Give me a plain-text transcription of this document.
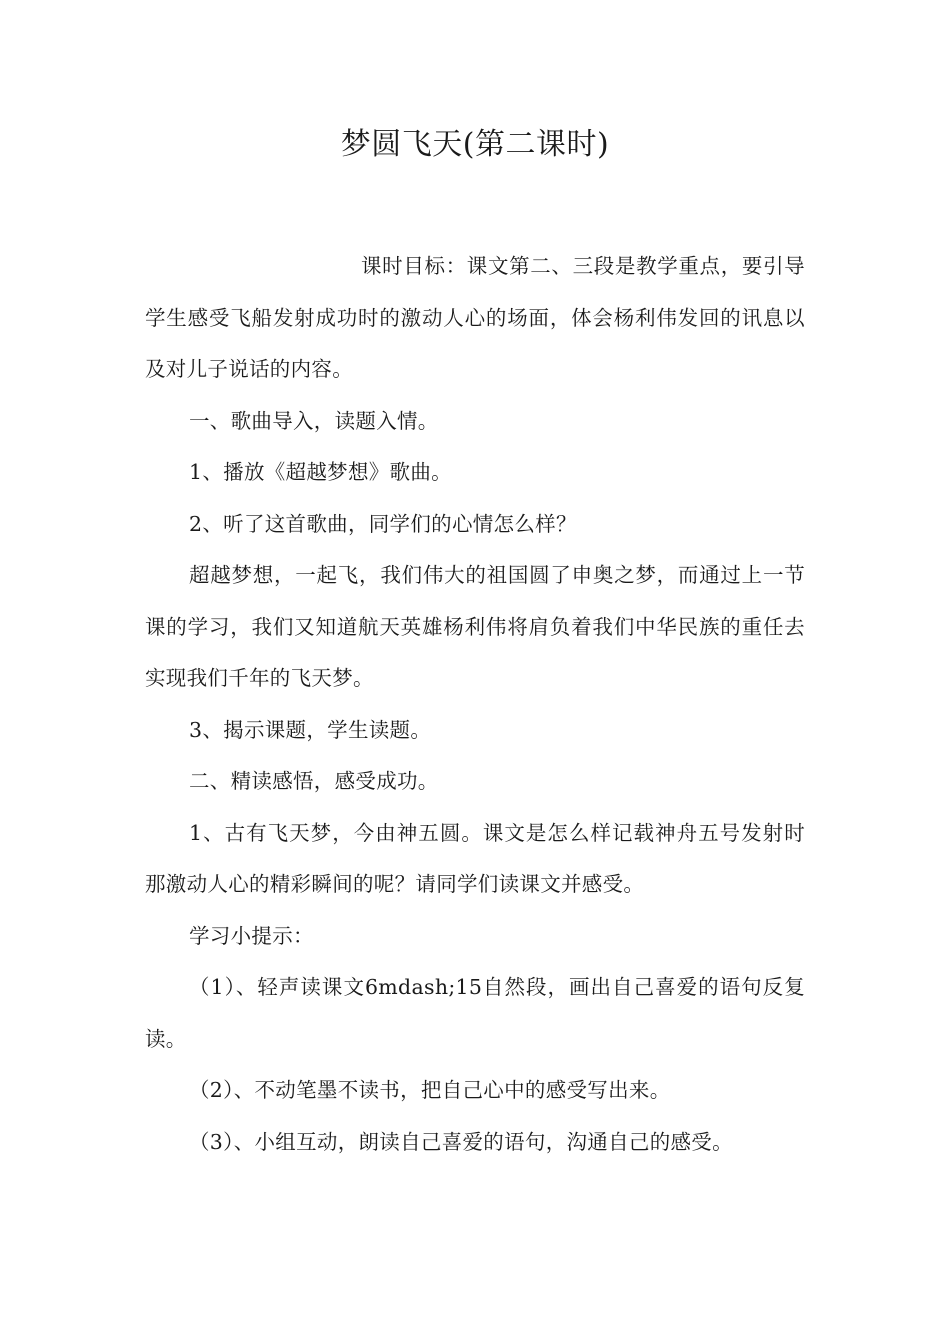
梦圆飞天(第二课时)

课时目标：课文第二、三段是教学重点，要引导学生感受飞船发射成功时的激动人心的场面，体会杨利伟发回的讯息以及对儿子说话的内容。

一、歌曲导入，读题入情。

1、播放《超越梦想》歌曲。

2、听了这首歌曲，同学们的心情怎么样？

超越梦想，一起飞，我们伟大的祖国圆了申奥之梦，而通过上一节课的学习，我们又知道航天英雄杨利伟将肩负着我们中华民族的重任去实现我们千年的飞天梦。

3、揭示课题，学生读题。

二、精读感悟，感受成功。

1、古有飞天梦，今由神五圆。课文是怎么样记载神舟五号发射时那激动人心的精彩瞬间的呢？请同学们读课文并感受。

学习小提示：

（1）、轻声读课文6mdash;15自然段，画出自己喜爱的语句反复读。

（2）、不动笔墨不读书，把自己心中的感受写出来。

（3）、小组互动，朗读自己喜爱的语句，沟通自己的感受。
